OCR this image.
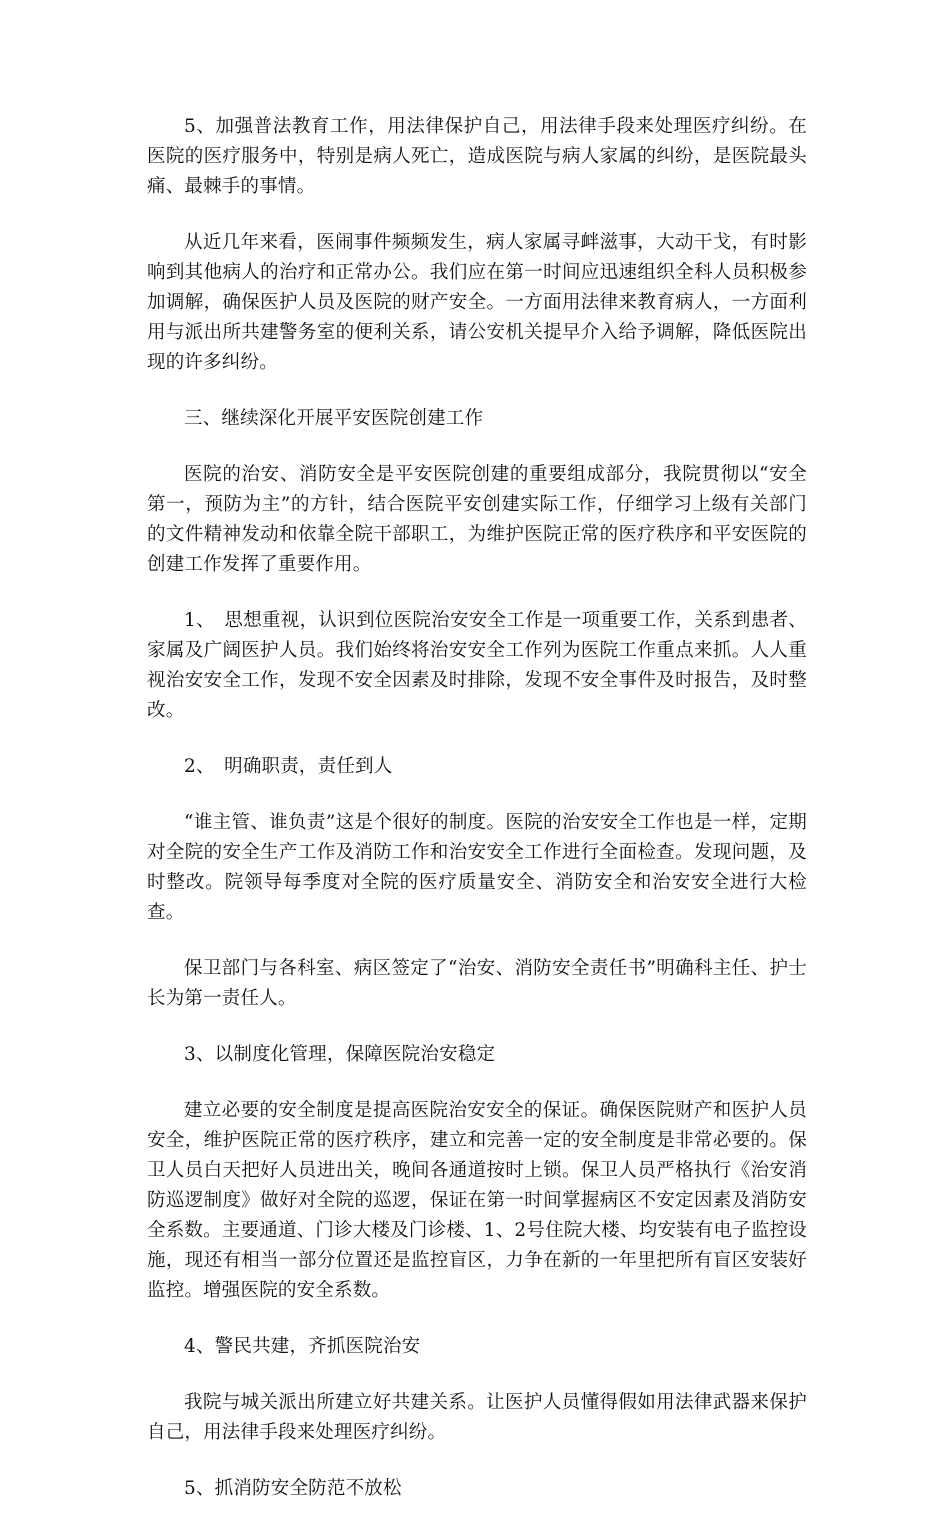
5、加强普法教育工作，用法律保护自己，用法律手段来处理医疗纠纷。在医院的医疗服务中，特别是病人死亡，造成医院与病人家属的纠纷，是医院最头痛、最棘手的事情。

从近几年来看，医闹事件频频发生，病人家属寻衅滋事，大动干戈，有时影响到其他病人的治疗和正常办公。我们应在第一时间应迅速组织全科人员积极参加调解，确保医护人员及医院的财产安全。一方面用法律来教育病人，一方面利用与派出所共建警务室的便利关系，请公安机关提早介入给予调解，降低医院出现的许多纠纷。

三、继续深化开展平安医院创建工作

医院的治安、消防安全是平安医院创建的重要组成部分，我院贯彻以“安全第一，预防为主”的方针，结合医院平安创建实际工作，仔细学习上级有关部门的文件精神发动和依靠全院干部职工，为维护医院正常的医疗秩序和平安医院的创建工作发挥了重要作用。

1、　思想重视，认识到位医院治安安全工作是一项重要工作，关系到患者、家属及广阔医护人员。我们始终将治安安全工作列为医院工作重点来抓。人人重视治安安全工作，发现不安全因素及时排除，发现不安全事件及时报告，及时整改。

2、　明确职责，责任到人

“谁主管、谁负责”这是个很好的制度。医院的治安安全工作也是一样，定期对全院的安全生产工作及消防工作和治安安全工作进行全面检查。发现问题，及时整改。院领导每季度对全院的医疗质量安全、消防安全和治安安全进行大检查。

保卫部门与各科室、病区签定了“治安、消防安全责任书”明确科主任、护士长为第一责任人。

3、以制度化管理，保障医院治安稳定

建立必要的安全制度是提高医院治安安全的保证。确保医院财产和医护人员安全，维护医院正常的医疗秩序，建立和完善一定的安全制度是非常必要的。保卫人员白天把好人员进出关，晚间各通道按时上锁。保卫人员严格执行《治安消防巡逻制度》做好对全院的巡逻，保证在第一时间掌握病区不安定因素及消防安全系数。主要通道、门诊大楼及门诊楼、1、2号住院大楼、均安装有电子监控设施，现还有相当一部分位置还是监控盲区，力争在新的一年里把所有盲区安装好监控。增强医院的安全系数。

4、警民共建，齐抓医院治安

我院与城关派出所建立好共建关系。让医护人员懂得假如用法律武器来保护自己，用法律手段来处理医疗纠纷。

5、抓消防安全防范不放松
